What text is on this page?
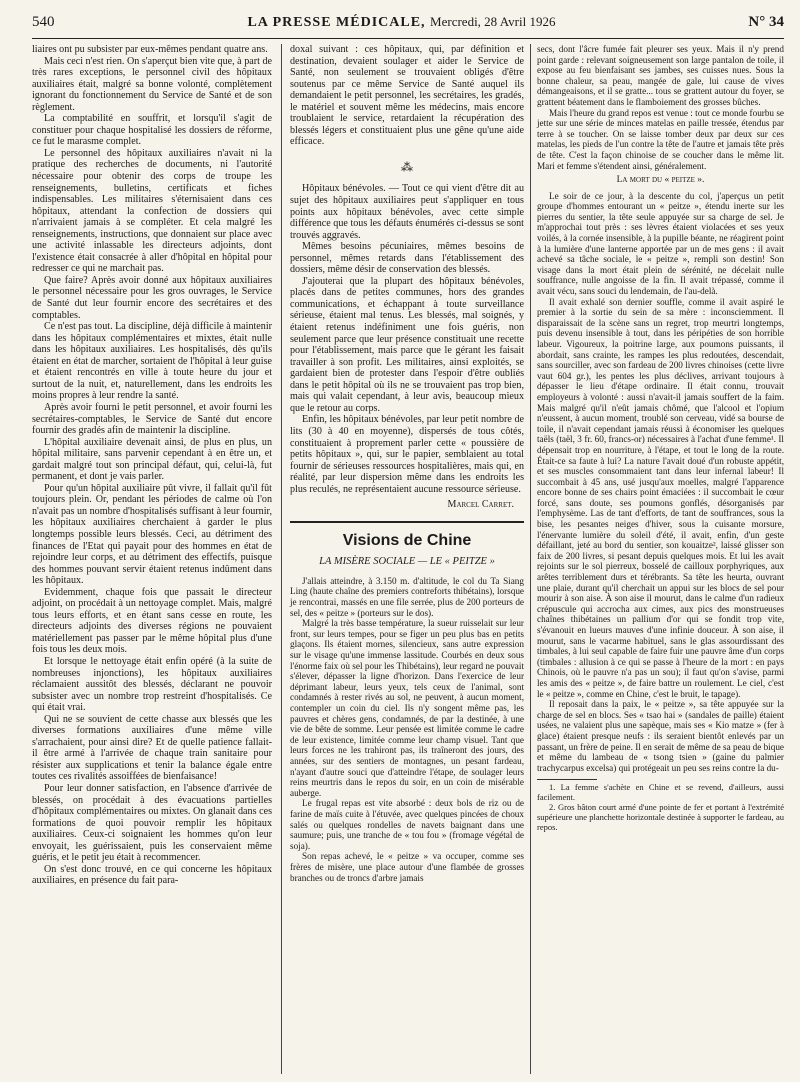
540	LA PRESSE MÉDICALE, Mercredi, 28 Avril 1926	N° 34

liaires ont pu subsister par eux-mêmes pendant quatre ans.

Mais ceci n'est rien. On s'aperçut bien vite que, à part de très rares exceptions, le personnel civil des hôpitaux auxiliaires était, malgré sa bonne volonté, complètement ignorant du fonctionnement du Service de Santé et de son règlement.

La comptabilité en souffrit, et lorsqu'il s'agit de constituer pour chaque hospitalisé les dossiers de réforme, ce fut le marasme complet.

Le personnel des hôpitaux auxiliaires n'avait ni la pratique des recherches de documents, ni l'autorité nécessaire pour obtenir des corps de troupe les renseignements, bulletins, certificats et fiches indispensables. Les militaires s'éternisaient dans ces hôpitaux, attendant la confection de dossiers qui n'arrivaient jamais à se compléter. Et cela malgré les renseignements, instructions, que donnaient sur place avec une activité inlassable les directeurs adjoints, dont l'existence était consacrée à aller d'hôpital en hôpital pour redresser ce qui ne marchait pas.

Que faire? Après avoir donné aux hôpitaux auxiliaires le personnel nécessaire pour les gros ouvrages, le Service de Santé dut leur fournir encore des secrétaires et des comptables.

Ce n'est pas tout. La discipline, déjà difficile à maintenir dans les hôpitaux complémentaires et mixtes, était nulle dans les hôpitaux auxiliaires. Les hospitalisés, dès qu'ils étaient en état de marcher, sortaient de l'hôpital à leur guise et étaient rencontrés en ville à toute heure du jour et surtout de la nuit, et, naturellement, dans les endroits les moins propres à leur rendre la santé.

Après avoir fourni le petit personnel, et avoir fourni les secrétaires-comptables, le Service de Santé dut encore fournir des gradés afin de maintenir la discipline.

L'hôpital auxiliaire devenait ainsi, de plus en plus, un hôpital militaire, sans parvenir cependant à en être un, et gardait malgré tout son principal défaut, qui, celui-là, fut permanent, et dont je vais parler.

Pour qu'un hôpital auxiliaire pût vivre, il fallait qu'il fût toujours plein. Or, pendant les périodes de calme où l'on n'avait pas un nombre d'hospitalisés suffisant à leur fournir, les hôpitaux auxiliaires cherchaient à garder le plus longtemps possible leurs blessés. Ceci, au détriment des finances de l'Etat qui payait pour des hommes en état de rejoindre leur corps, et au détriment des effectifs, puisque des hommes pouvant servir étaient retenus indûment dans les hôpitaux.

Evidemment, chaque fois que passait le directeur adjoint, on procédait à un nettoyage complet. Mais, malgré tous leurs efforts, et en étant sans cesse en route, les directeurs adjoints des diverses régions ne pouvaient matériellement pas passer par le même hôpital plus d'une fois tous les deux mois.

Et lorsque le nettoyage était enfin opéré (à la suite de nombreuses injonctions), les hôpitaux auxiliaires réclamaient aussitôt des blessés, déclarant ne pouvoir subsister avec un nombre trop restreint d'hospitalisés. Ce qui était vrai.

Qui ne se souvient de cette chasse aux blessés que les diverses formations auxiliaires d'une même ville s'arrachaient, pour ainsi dire? Et de quelle patience fallait-il être armé à l'arrivée de chaque train sanitaire pour résister aux supplications et tenir la balance égale entre toutes ces rivalités assoiffées de bienfaisance!

Pour leur donner satisfaction, en l'absence d'arrivée de blessés, on procédait à des évacuations partielles d'hôpitaux complémentaires ou mixtes. On glanait dans ces formations de quoi pouvoir remplir les hôpitaux auxiliaires. Ceux-ci soignaient les hommes qu'on leur envoyait, les guérissaient, puis les conservaient même guéris, et le petit jeu était à recommencer.

On s'est donc trouvé, en ce qui concerne les hôpitaux auxiliaires, en présence du fait para-

doxal suivant : ces hôpitaux, qui, par définition et destination, devaient soulager et aider le Service de Santé, non seulement se trouvaient obligés d'être soutenus par ce même Service de Santé auquel ils demandaient le petit personnel, les secrétaires, les gradés, le matériel et souvent même les médecins, mais encore troublaient le service, retardaient la récupération des blessés légers et constituaient plus une gêne qu'une aide efficace.

⁂

Hôpitaux bénévoles. — Tout ce qui vient d'être dit au sujet des hôpitaux auxiliaires peut s'appliquer en tous points aux hôpitaux bénévoles, avec cette simple différence que tous les défauts énumérés ci-dessus se sont trouvés aggravés.

Mêmes besoins pécuniaires, mêmes besoins de personnel, mêmes retards dans l'établissement des dossiers, même désir de conservation des blessés.

J'ajouterai que la plupart des hôpitaux bénévoles, placés dans de petites communes, hors des grandes communications, et échappant à toute surveillance sérieuse, étaient mal tenus. Les blessés, mal soignés, y étaient retenus indéfiniment une fois guéris, non seulement parce que leur présence constituait une recette pour l'établissement, mais parce que le gérant les faisait travailler à son profit. Les militaires, ainsi exploités, se gardaient bien de protester dans l'espoir d'être oubliés dans le petit hôpital où ils ne se trouvaient pas trop bien, mais qui valait cependant, à leur avis, beaucoup mieux que le retour au corps.

Enfin, les hôpitaux bénévoles, par leur petit nombre de lits (30 à 40 en moyenne), dispersés de tous côtés, constituaient à proprement parler cette « poussière de petits hôpitaux », qui, sur le papier, semblaient au total fournir de sérieuses ressources hospitalières, mais qui, en réalité, par leur dispersion même dans les endroits les plus reculés, ne représentaient aucune ressource sérieuse.

Marcel Carret.
Visions de Chine
LA MISÈRE SOCIALE — LE « PEITZE »

J'allais atteindre, à 3.150 m. d'altitude, le col du Ta Siang Ling (haute chaîne des premiers contreforts thibétains), lorsque je rencontrai, massés en une file serrée, plus de 200 porteurs de sel, des « peitze » (porteurs sur le dos).

Malgré la très basse température, la sueur ruisselait sur leur front, sur leurs tempes, pour se figer un peu plus bas en petits glaçons. Ils étaient mornes, silencieux, sans autre expression sur le visage qu'une immense lassitude. Courbés en deux sous l'énorme faix où sel pour les Thibétains), leur regard ne pouvait s'élever, dépasser la ligne d'horizon. Dans l'exercice de leur déprimant labeur, leurs yeux, tels ceux de l'animal, sont condamnés à rester rivés au sol, ne peuvent, à aucun moment, contempler un coin du ciel. Ils n'y songent même pas, les pauvres et chères gens, condamnés, de par la destinée, à une vie de bête de somme. Leur pensée est limitée comme le cadre de leur existence, limitée comme leur champ visuel. Tant que leurs forces ne les trahiront pas, ils traîneront des jours, des années, sur des sentiers de montagnes, un pesant fardeau, n'ayant d'autre souci que d'atteindre l'étape, de soulager leurs reins meurtris dans le repos du soir, en un coin de misérable auberge.

Le frugal repas est vite absorbé : deux bols de riz ou de farine de maïs cuite à l'étuvée, avec quelques pincées de choux salés ou quelques rondelles de navets baignant dans une saumure; puis, une tranche de « tou fou » (fromage végétal de soja).

Son repas achevé, le « peitze » va occuper, comme ses frères de misère, une place autour d'une flambée de grosses branches ou de troncs d'arbre jamais

secs, dont l'âcre fumée fait pleurer ses yeux. Mais il n'y prend point garde : relevant soigneusement son large pantalon de toile, il expose au feu bienfaisant ses jambes, ses cuisses nues. Sous la bonne chaleur, sa peau, mangée de gale, lui cause de vives démangeaisons, et il se gratte... tous se grattent autour du foyer, se grattent béatement dans le flamboiement des grosses bûches.

Mais l'heure du grand repos est venue : tout ce monde fourbu se jette sur une série de minces matelas en paille tressée, étendus par terre à se toucher. On se laisse tomber deux par deux sur ces matelas, les pieds de l'un contre la tête de l'autre et jamais tête près de tête. C'est la façon chinoise de se coucher dans le même lit. Mari et femme s'étendent ainsi, généralement.

La mort du « peitze ».

Le soir de ce jour, à la descente du col, j'aperçus un petit groupe d'hommes entourant un « peitze », étendu inerte sur les pierres du sentier, la tête seule appuyée sur sa charge de sel. Je m'approchai tout près : ses lèvres étaient violacées et ses yeux voilés, à la cornée insensible, à la pupille béante, ne réagirent point à la lumière d'une lanterne apportée par un de mes gens : il avait achevé sa tâche sociale, le « peitze », rempli son destin! Son visage dans la mort était plein de sérénité, ne décelait nulle souffrance, nulle angoisse de la fin. Il avait trépassé, comme il avait vécu, sans souci du lendemain, de l'au-delà.

Il avait exhalé son dernier souffle, comme il avait aspiré le premier à la sortie du sein de sa mère : inconsciemment. Il disparaissait de la scène sans un regret, trop meurtri longtemps, puis devenu insensible à tout, dans les péripéties de son horrible labeur. Vigoureux, la poitrine large, aux poumons puissants, il abordait, sans crainte, les rampes les plus redoutées, descendait, sans sourciller, avec son fardeau de 200 livres chinoises (cette livre vaut 604 gr.), les pentes les plus déclives, arrivant toujours à dépasser le lieu d'étape ordinaire. Il était connu, trouvait employeurs à volonté : aussi n'avait-il jamais souffert de la faim. Mais malgré qu'il n'eût jamais chômé, que l'alcool et l'opium n'eussent, à aucun moment, troublé son cerveau, vidé sa bourse de toile, il n'avait cependant jamais réussi à économiser les quelques taëls (taël, 3 fr. 60, francs-or) nécessaires à l'achat d'une femme¹. Il dépensait trop en nourriture, à l'étape, et tout le long de la route. Était-ce sa faute à lui? La nature l'avait doué d'un robuste appétit, et ses muscles consommaient tant dans leur infernal labeur! Il succombait à 45 ans, usé jusqu'aux moelles, malgré l'apparence encore bonne de ses chairs point émaciées : il succombait le cœur forcé, sans doute, ses poumons gonflés, désorganisés par l'emphysème. Las de tant d'efforts, de tant de souffrances, sous la bise, les pesantes neiges d'hiver, sous la cuisante morsure, l'énervante lumière du soleil d'été, il avait, enfin, d'un geste défaillant, jeté au bord du sentier, son kouaitze², laissé glisser son faix de 200 livres, si pesant depuis quelques mois. Et lui les avait rejoints sur le sol pierreux, bosselé de cailloux porphyriques, aux arêtes terriblement durs et térébrants. Sa tête les heurta, ouvrant une plaie, durant qu'il cherchait un appui sur les blocs de sel pour mourir à son aise. À son aise il mourut, dans le calme d'un radieux crépuscule qui accrocha aux cimes, aux pics des monstrueuses chaînes thibétaines un pallium d'or qui se fondit trop vite, s'évanouit en lueurs mauves d'une infinie douceur. À son aise, il mourut, sans le vacarme habituel, sans le glas assourdissant des timbales, à lui seul capable de faire fuir une pauvre âme d'un corps (timbales : allusion à ce qui se passe à l'heure de la mort : en pays Chinois, où le pauvre n'a pas un sou); il faut qu'on s'avise, parmi les amis des « peitze », de faire battre un roulement. Le ciel, c'est le « peitze », comme en Chine, c'est le bruit, le tapage).

Il reposait dans la paix, le « peitze », sa tête appuyée sur la charge de sel en blocs. Ses « tsao hai » (sandales de paille) étaient usées, ne valaient plus une sapèque, mais ses « Kio matze » (fer à glace) étaient presque neufs : ils seraient bientôt enlevés par un passant, un frère de peine. Il en serait de même de sa peau de bique et même du lambeau de « tsong tsien » (gaine du palmier trachycarpus excelsa) qui protégeait un peu ses reins contre la du-

1. La femme s'achète en Chine et se revend, d'ailleurs, aussi facilement.

2. Gros bâton court armé d'une pointe de fer et portant à l'extrémité supérieure une planchette horizontale destinée à supporter le fardeau, au repos.
